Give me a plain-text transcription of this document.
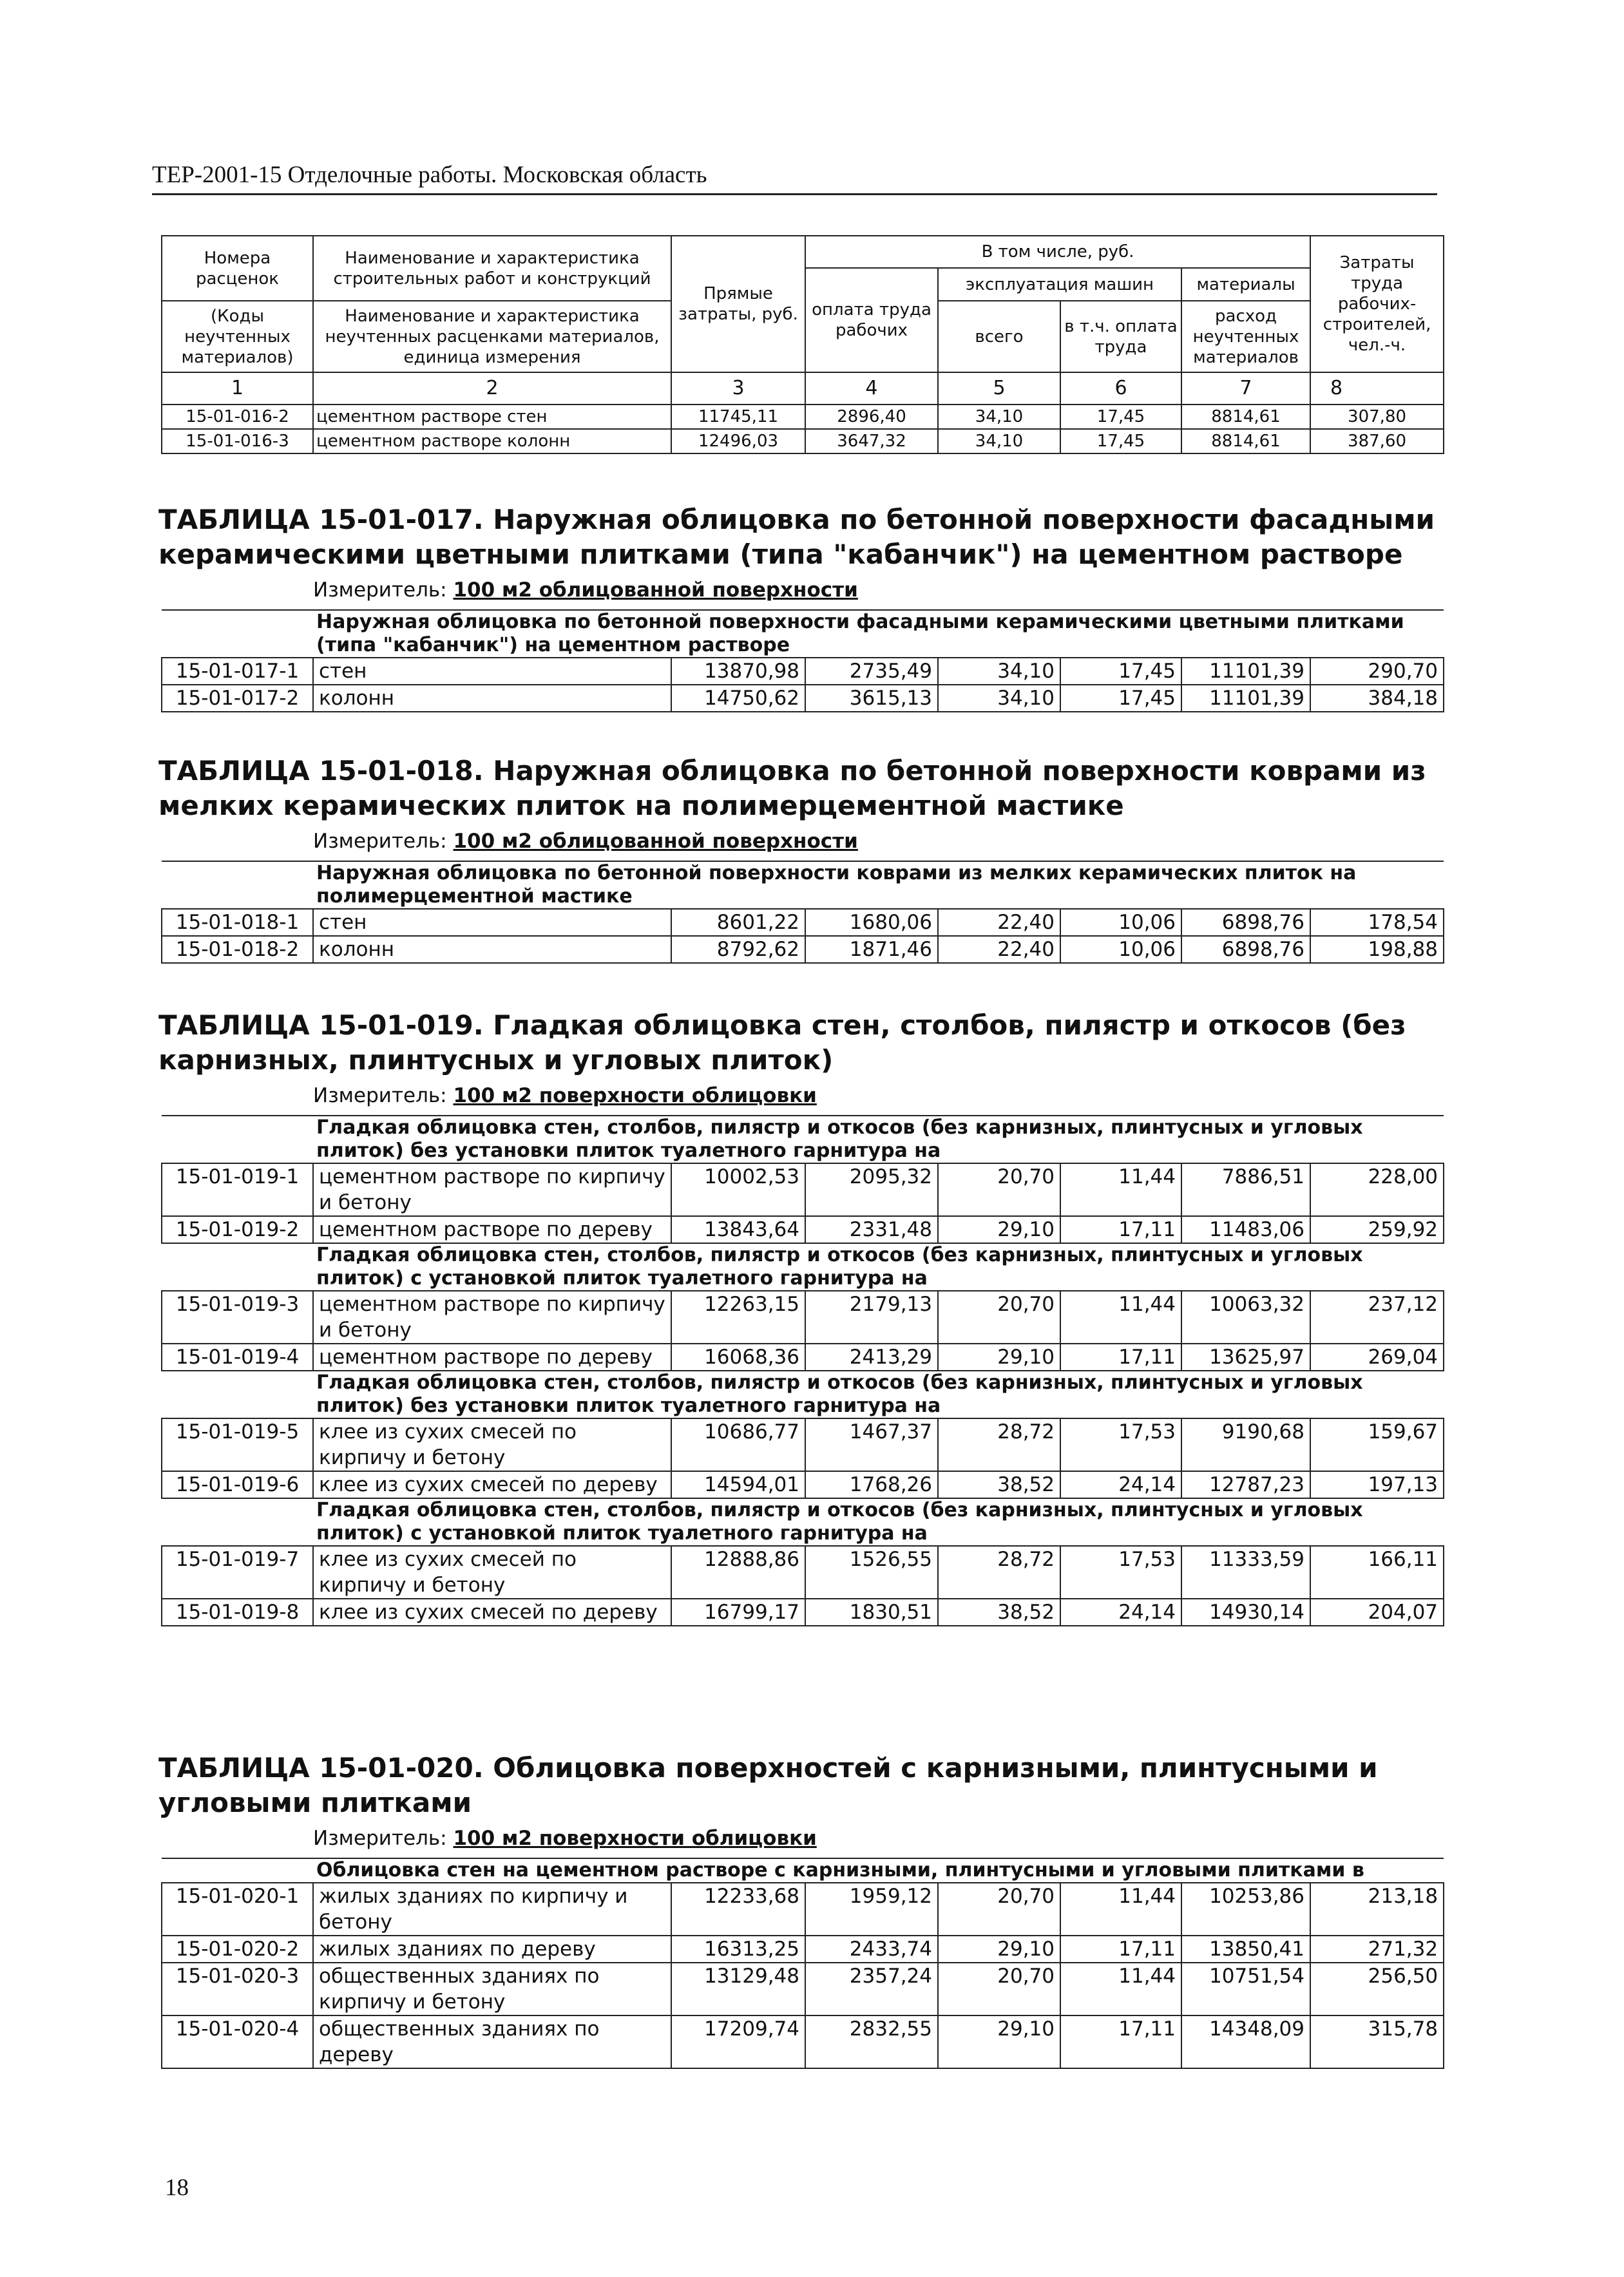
ТЕР-2001-15 Отделочные работы. Московская область
Номера расценок	Наименование и характеристика строительных работ и конструкций	Прямые затраты, руб.	В том числе, руб.				Затраты труда рабочих-строителей, чел.-ч.
			оплата труда рабочих	эксплуатация машин		материалы	
(Коды неучтенных материалов)	Наименование и характеристика неучтенных расценками материалов, единица измерения			всего	в т.ч. оплата труда	расход неучтенных материалов	

1	2	3	4	5	6	7	8
15-01-016-2	цементном растворе стен	11745,11	2896,40	34,10	17,45	8814,61	307,80
15-01-016-3	цементном растворе колонн	12496,03	3647,32	34,10	17,45	8814,61	387,60
ТАБЛИЦА 15-01-017. Наружная облицовка по бетонной поверхности фасадными керамическими цветными плитками (типа "кабанчик") на цементном растворе
Измеритель: 100 м2 облицованной поверхности
Наружная облицовка по бетонной поверхности фасадными керамическими цветными плитками (типа "кабанчик") на цементном растворе							
15-01-017-1	стен	13870,98	2735,49	34,10	17,45	11101,39	290,70
15-01-017-2	колонн	14750,62	3615,13	34,10	17,45	11101,39	384,18
ТАБЛИЦА 15-01-018. Наружная облицовка по бетонной поверхности коврами из мелких керамических плиток на полимерцементной мастике
Измеритель: 100 м2 облицованной поверхности
Наружная облицовка по бетонной поверхности коврами из мелких керамических плиток на полимерцементной мастике							
15-01-018-1	стен	8601,22	1680,06	22,40	10,06	6898,76	178,54
15-01-018-2	колонн	8792,62	1871,46	22,40	10,06	6898,76	198,88
ТАБЛИЦА 15-01-019. Гладкая облицовка стен, столбов, пилястр и откосов (без карнизных, плинтусных и угловых плиток)
Измеритель: 100 м2 поверхности облицовки
Гладкая облицовка стен, столбов, пилястр и откосов (без карнизных, плинтусных и угловых плиток) без установки плиток туалетного гарнитура на							
15-01-019-1	цементном растворе по кирпичу и бетону	10002,53	2095,32	20,70	11,44	7886,51	228,00
15-01-019-2	цементном растворе по дереву	13843,64	2331,48	29,10	17,11	11483,06	259,92
Гладкая облицовка стен, столбов, пилястр и откосов (без карнизных, плинтусных и угловых плиток) с установкой плиток туалетного гарнитура на							
15-01-019-3	цементном растворе по кирпичу и бетону	12263,15	2179,13	20,70	11,44	10063,32	237,12
15-01-019-4	цементном растворе по дереву	16068,36	2413,29	29,10	17,11	13625,97	269,04
Гладкая облицовка стен, столбов, пилястр и откосов (без карнизных, плинтусных и угловых плиток) без установки плиток туалетного гарнитура на							
15-01-019-5	клее из сухих смесей по кирпичу и бетону	10686,77	1467,37	28,72	17,53	9190,68	159,67
15-01-019-6	клее из сухих смесей по дереву	14594,01	1768,26	38,52	24,14	12787,23	197,13
Гладкая облицовка стен, столбов, пилястр и откосов (без карнизных, плинтусных и угловых плиток) с установкой плиток туалетного гарнитура на							
15-01-019-7	клее из сухих смесей по кирпичу и бетону	12888,86	1526,55	28,72	17,53	11333,59	166,11
15-01-019-8	клее из сухих смесей по дереву	16799,17	1830,51	38,52	24,14	14930,14	204,07
ТАБЛИЦА 15-01-020. Облицовка поверхностей с карнизными, плинтусными и угловыми плитками
Измеритель: 100 м2 поверхности облицовки
Облицовка стен на цементном растворе с карнизными, плинтусными и угловыми плитками в							
15-01-020-1	жилых зданиях по кирпичу и бетону	12233,68	1959,12	20,70	11,44	10253,86	213,18
15-01-020-2	жилых зданиях по дереву	16313,25	2433,74	29,10	17,11	13850,41	271,32
15-01-020-3	общественных зданиях по кирпичу и бетону	13129,48	2357,24	20,70	11,44	10751,54	256,50
15-01-020-4	общественных зданиях по дереву	17209,74	2832,55	29,10	17,11	14348,09	315,78
18
